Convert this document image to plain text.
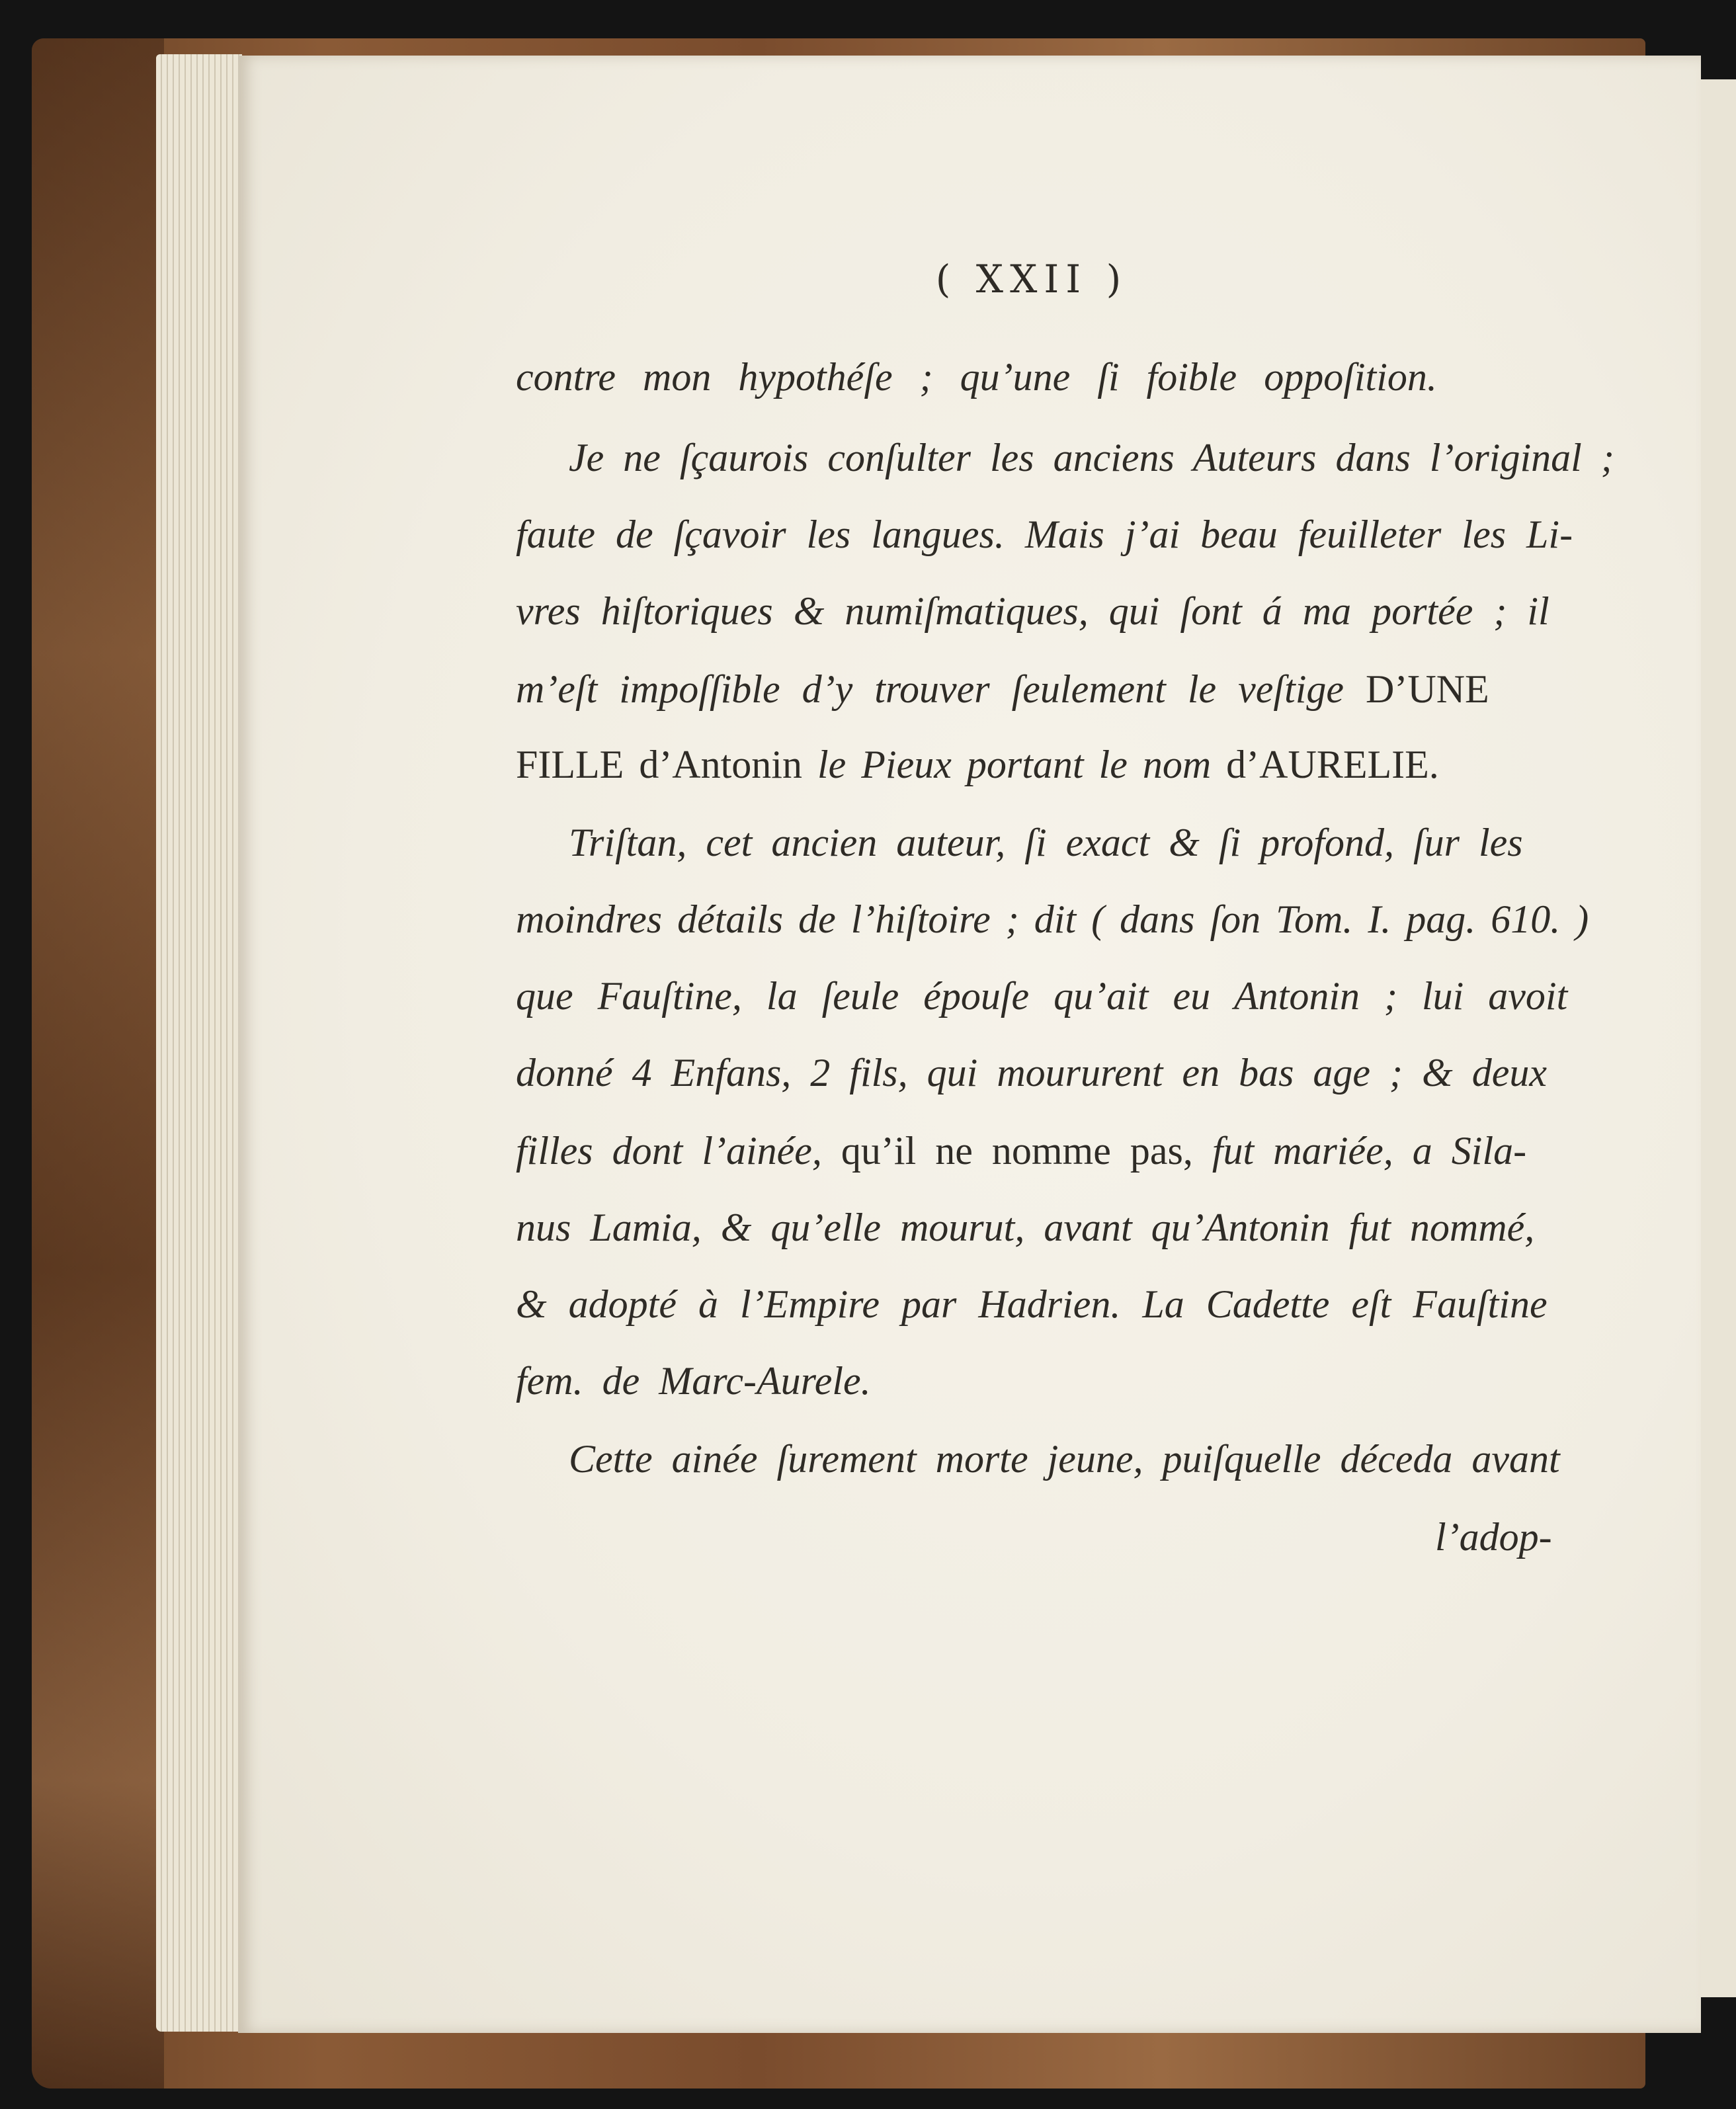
( XXII )
contre mon hypothéſe ; qu’une ſi foible oppoſition.
Je ne ſçaurois conſulter les anciens Auteurs dans l’original ;
faute de ſçavoir les langues. Mais j’ai beau feuilleter les Li-
vres hiſtoriques & numiſmatiques, qui ſont á ma portée ; il
m’eſt impoſſible d’y trouver ſeulement le veſtige D’UNE
FILLE d’Antonin le Pieux portant le nom d’AURELIE.
Triſtan, cet ancien auteur, ſi exact & ſi profond, ſur les
moindres détails de l’hiſtoire ; dit ( dans ſon Tom. I. pag. 610. )
que Fauſtine, la ſeule épouſe qu’ait eu Antonin ; lui avoit
donné 4 Enfans, 2 fils, qui moururent en bas age ; & deux
filles dont l’ainée, qu’il ne nomme pas, fut mariée, a Sila-
nus Lamia, & qu’elle mourut, avant qu’Antonin fut nommé,
& adopté à l’Empire par Hadrien. La Cadette eſt Fauſtine
fem. de Marc-Aurele.
Cette ainée ſurement morte jeune, puiſquelle déceda avant
l’adop-
